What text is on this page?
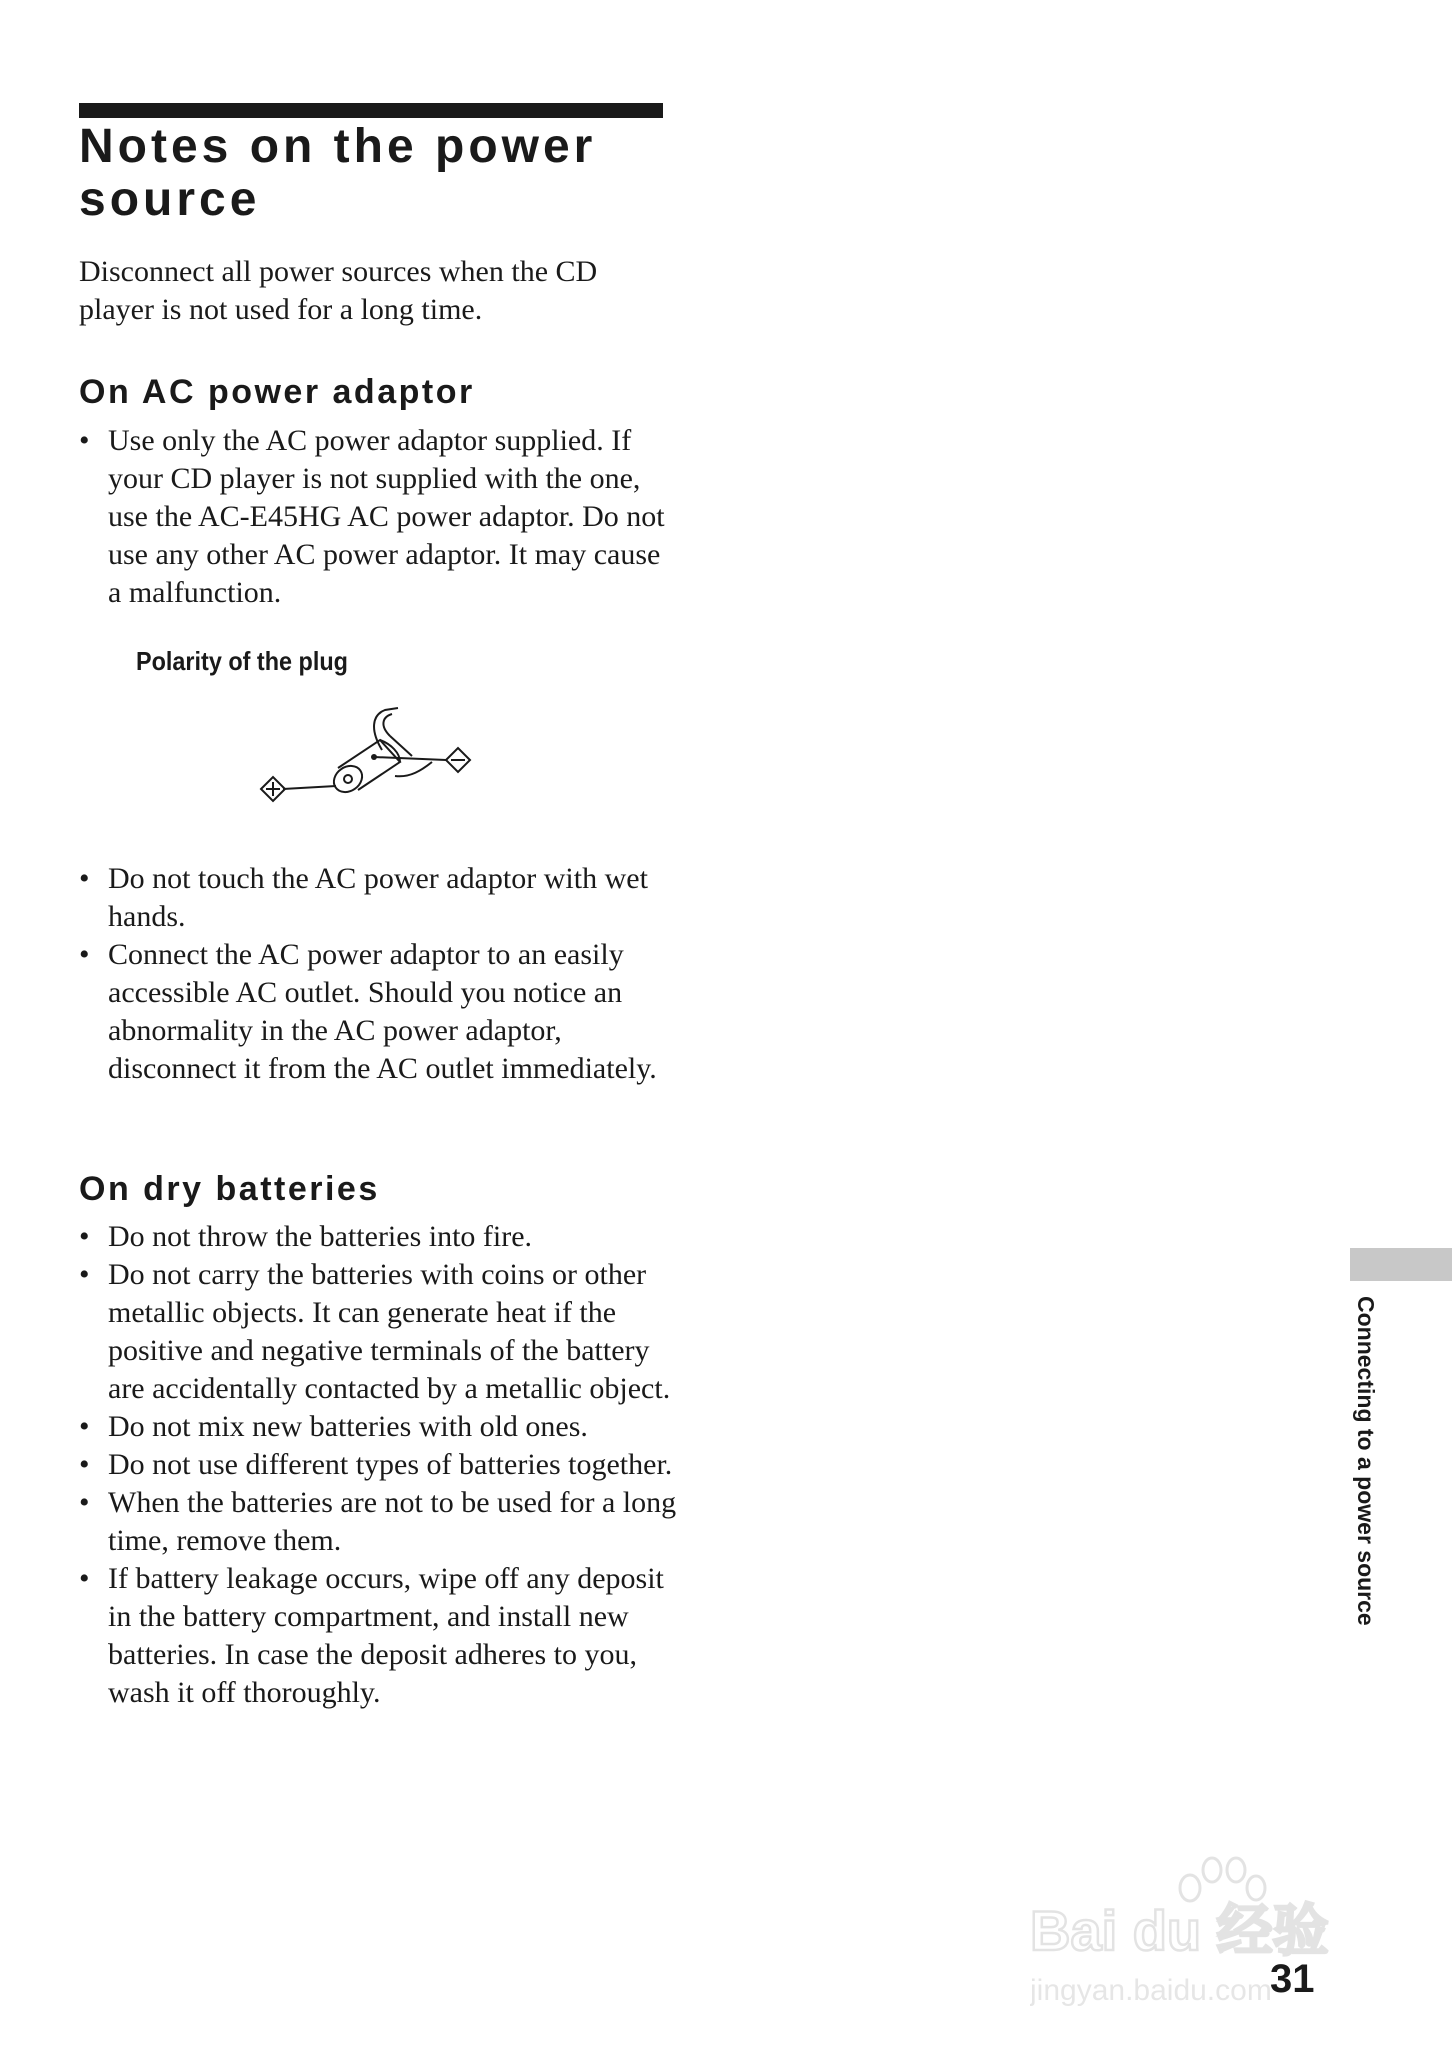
Notes on the power source

Disconnect all power sources when the CD player is not used for a long time.

On AC power adaptor
• Use only the AC power adaptor supplied. If your CD player is not supplied with the one, use the AC-E45HG AC power adaptor. Do not use any other AC power adaptor. It may cause a malfunction.

Polarity of the plug

• Do not touch the AC power adaptor with wet hands.
• Connect the AC power adaptor to an easily accessible AC outlet. Should you notice an abnormality in the AC power adaptor, disconnect it from the AC outlet immediately.
On dry batteries
• Do not throw the batteries into fire.
• Do not carry the batteries with coins or other metallic objects. It can generate heat if the positive and negative terminals of the battery are accidentally contacted by a metallic object.
• Do not mix new batteries with old ones.
• Do not use different types of batteries together.
• When the batteries are not to be used for a long time, remove them.
• If battery leakage occurs, wipe off any deposit in the battery compartment, and install new batteries. In case the deposit adheres to you, wash it off thoroughly.
Connecting to a power source
Bai du 经验
jingyan.baidu.com

31
